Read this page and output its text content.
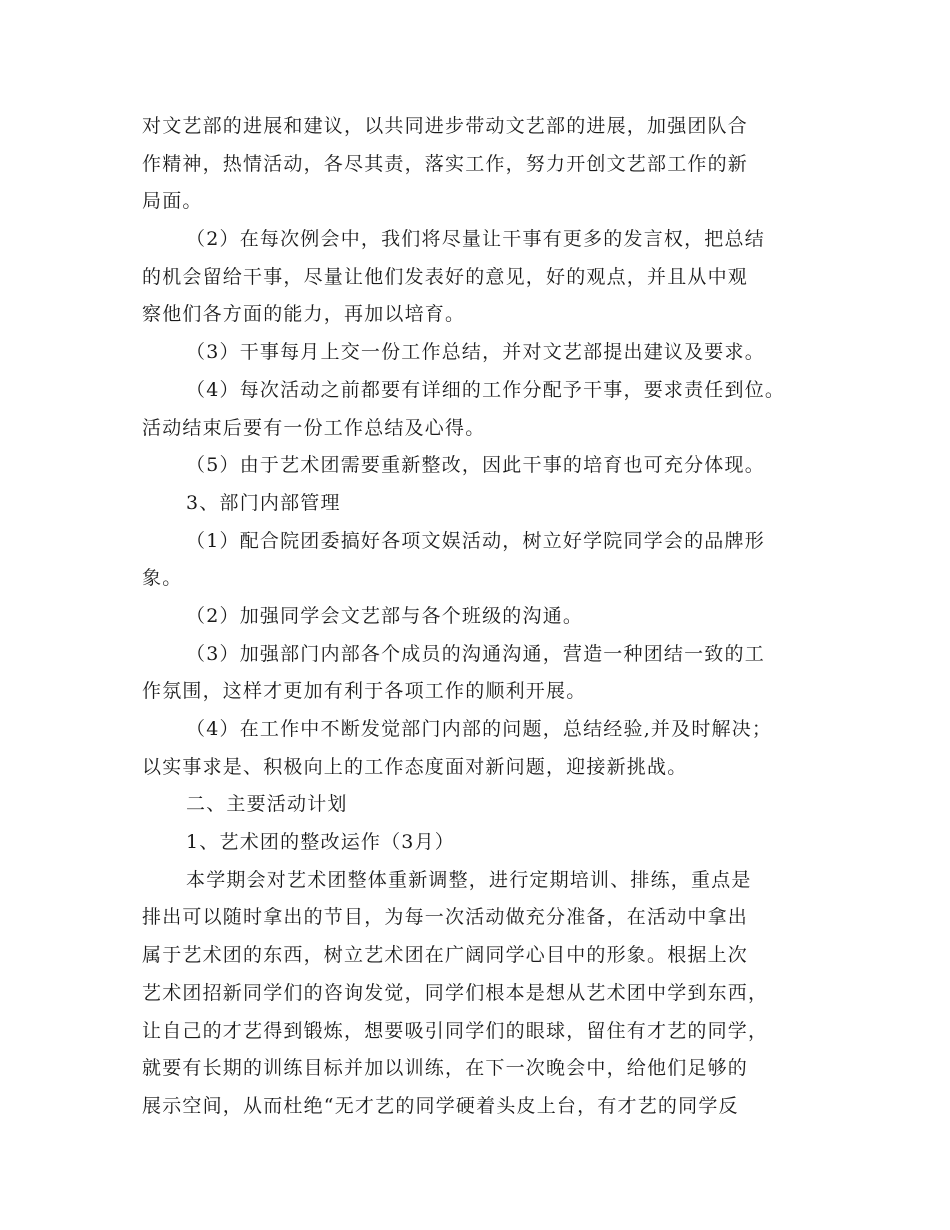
对文艺部的进展和建议，以共同进步带动文艺部的进展，加强团队合
作精神，热情活动，各尽其责，落实工作，努力开创文艺部工作的新
局面。
（2）在每次例会中，我们将尽量让干事有更多的发言权，把总结
的机会留给干事，尽量让他们发表好的意见，好的观点，并且从中观
察他们各方面的能力，再加以培育。
（3）干事每月上交一份工作总结，并对文艺部提出建议及要求。
（4）每次活动之前都要有详细的工作分配予干事，要求责任到位。
活动结束后要有一份工作总结及心得。
（5）由于艺术团需要重新整改，因此干事的培育也可充分体现。
3、部门内部管理
（1）配合院团委搞好各项文娱活动，树立好学院同学会的品牌形
象。
（2）加强同学会文艺部与各个班级的沟通。
（3）加强部门内部各个成员的沟通沟通，营造一种团结一致的工
作氛围，这样才更加有利于各项工作的顺利开展。
（4）在工作中不断发觉部门内部的问题，总结经验,并及时解决；
以实事求是、积极向上的工作态度面对新问题，迎接新挑战。
二、主要活动计划
1、艺术团的整改运作（3月）
本学期会对艺术团整体重新调整，进行定期培训、排练，重点是
排出可以随时拿出的节目，为每一次活动做充分准备，在活动中拿出
属于艺术团的东西，树立艺术团在广阔同学心目中的形象。根据上次
艺术团招新同学们的咨询发觉，同学们根本是想从艺术团中学到东西，
让自己的才艺得到锻炼，想要吸引同学们的眼球，留住有才艺的同学，
就要有长期的训练目标并加以训练，在下一次晚会中，给他们足够的
展示空间，从而杜绝“无才艺的同学硬着头皮上台，有才艺的同学反
